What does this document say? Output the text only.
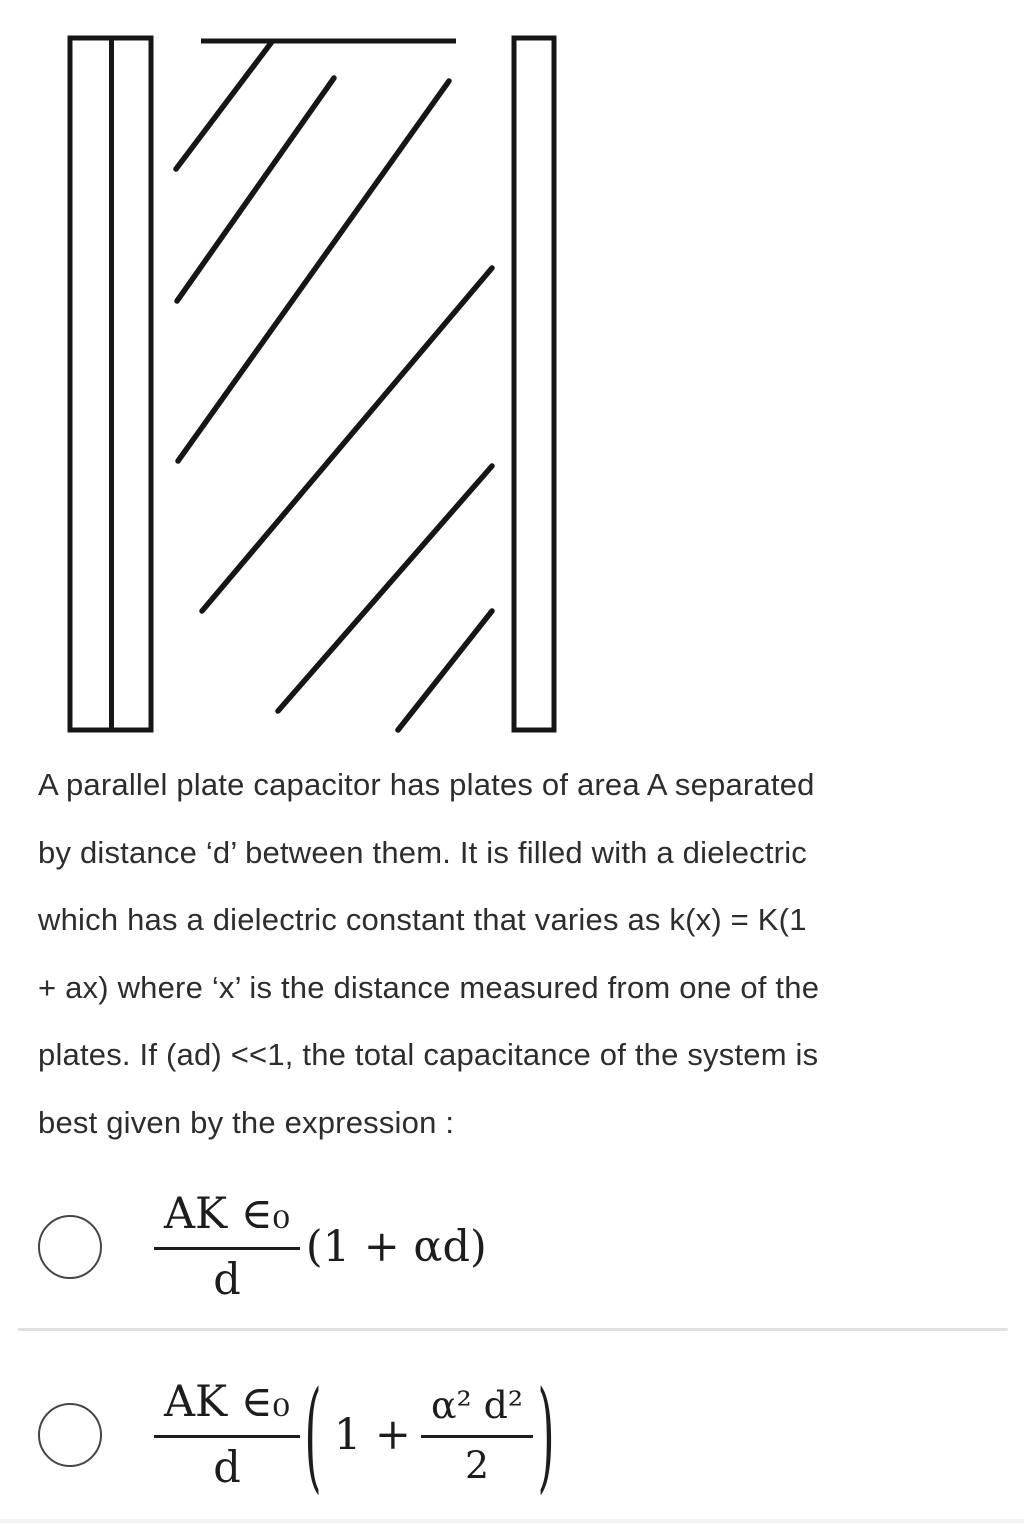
A parallel plate capacitor has plates of area A separated
by distance ‘d’ between them. It is filled with a dielectric
which has a dielectric constant that varies as k(x) = K(1
+ ax) where ‘x’ is the distance measured from one of the
plates. If (ad) <<1, the total capacitance of the system is
best given by the expression :
$\frac{\text{AK ∈₀}}{d} (1 + \alpha d)$
$\frac{\text{AK ∈₀}}{d}$ ( $1 + \frac{\text{α² d²}}{2}$ )
